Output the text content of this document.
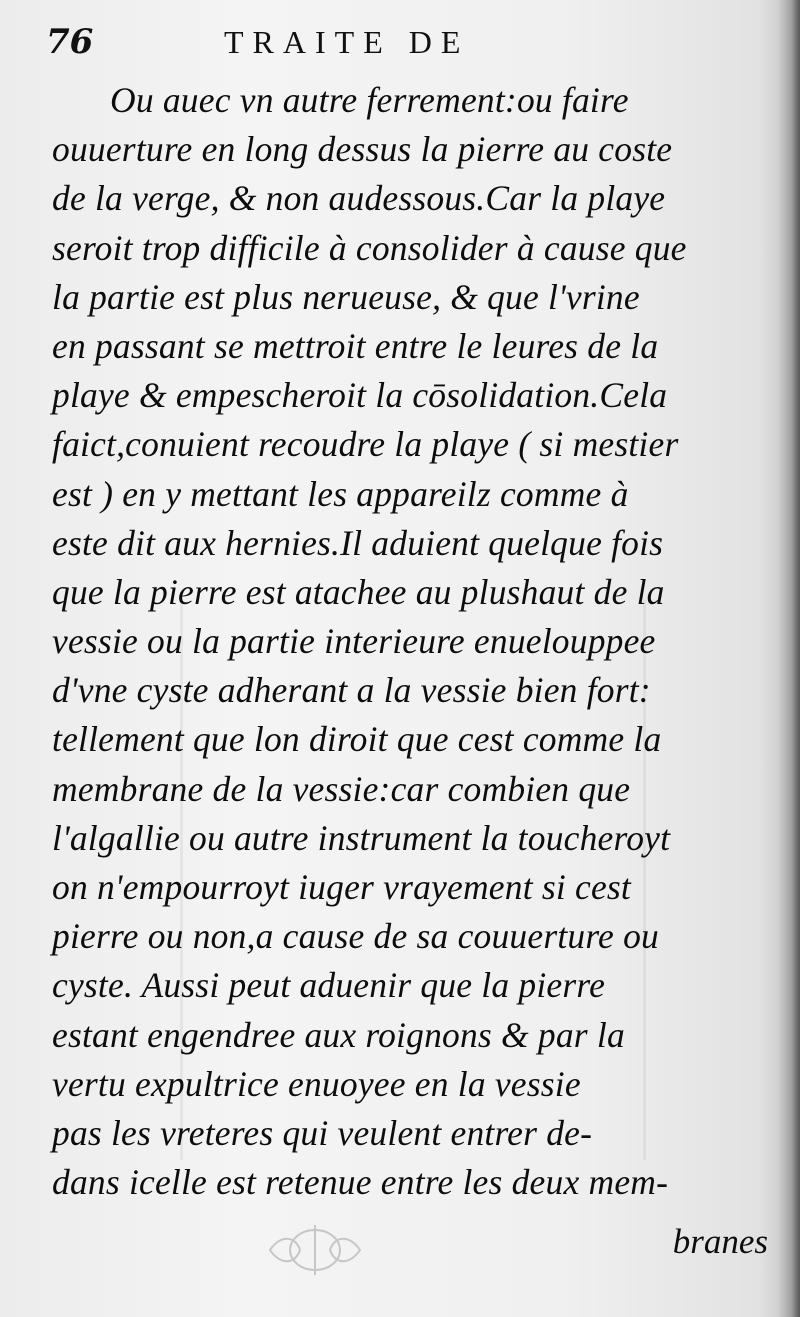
76	TRAITE DE
Ou auec vn autre ferrement:ou faire
ouuerture en long dessus la pierre au coste
de la verge, & non audessous.Car la playe
seroit trop difficile à consolider à cause que
la partie est plus nerueuse, & que l'vrine
en passant se mettroit entre le leures de la
playe & empescheroit la cōsolidation.Cela
faict,conuient recoudre la playe ( si mestier
est ) en y mettant les appareilz comme à
este dit aux hernies.Il aduient quelque fois
que la pierre est atachee au plushaut de la
vessie ou la partie interieure enuelouppee
d'vne cyste adherant a la vessie bien fort:
tellement que lon diroit que cest comme la
membrane de la vessie:car combien que
l'algallie ou autre instrument la toucheroyt
on n'empourroyt iuger vrayement si cest
pierre ou non,a cause de sa couuerture ou
cyste. Aussi peut aduenir que la pierre
estant engendree aux roignons & par la
vertu expultrice enuoyee en la vessie
pas les vreteres qui veulent entrer de-
dans icelle est retenue entre les deux mem-
branes
